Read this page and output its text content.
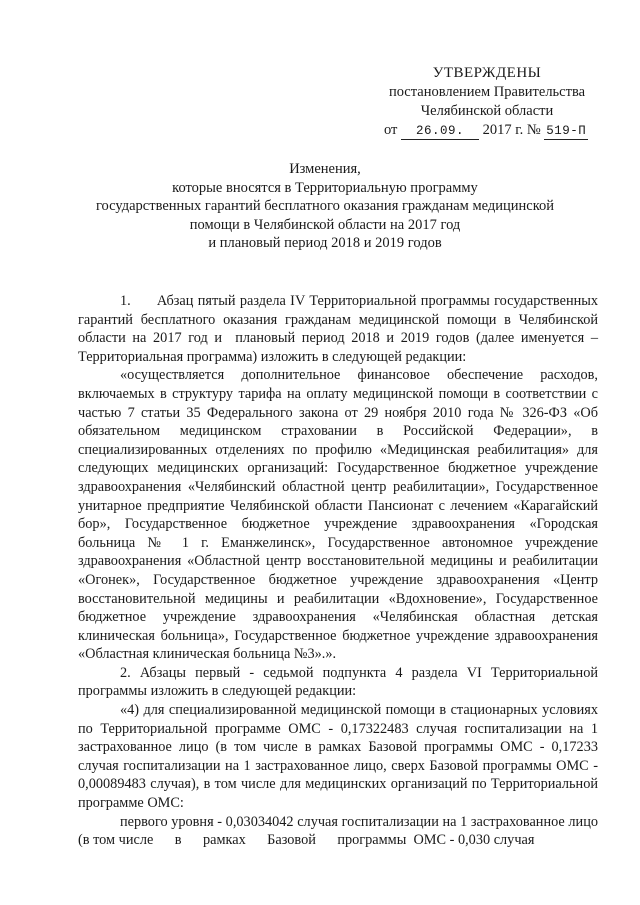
УТВЕРЖДЕНЫ
постановлением Правительства
Челябинской области
от 26.09. 2017 г. № 519-П
Изменения,
которые вносятся в Территориальную программу
государственных гарантий бесплатного оказания гражданам медицинской
помощи в Челябинской области на 2017 год
и плановый период 2018 и 2019 годов

1.      Абзац пятый раздела IV Территориальной программы государственных гарантий бесплатного оказания гражданам медицинской помощи в Челябинской области на 2017 год и  плановый период 2018 и 2019 годов (далее именуется – Территориальная программа) изложить в следующей редакции:

«осуществляется дополнительное финансовое обеспечение расходов, включаемых в структуру тарифа на оплату медицинской помощи в соответствии с частью 7 статьи 35 Федерального закона от 29 ноября 2010 года № 326-ФЗ «Об обязательном медицинском страховании в Российской Федерации», в специализированных отделениях по профилю «Медицинская реабилитация» для следующих медицинских организаций: Государственное бюджетное учреждение здравоохранения «Челябинский областной центр реабилитации», Государственное унитарное предприятие Челябинской области Пансионат с лечением «Карагайский бор», Государственное бюджетное учреждение здравоохранения «Городская больница № 1 г. Еманжелинск», Государственное автономное учреждение здравоохранения «Областной центр восстановительной медицины и реабилитации «Огонек», Государственное бюджетное учреждение здравоохранения «Центр восстановительной медицины и реабилитации «Вдохновение», Государственное бюджетное учреждение здравоохранения «Челябинская областная детская клиническая больница», Государственное бюджетное учреждение здравоохранения «Областная клиническая больница №3».».

2. Абзацы первый - седьмой подпункта 4 раздела VI Территориальной программы изложить в следующей редакции:

«4) для специализированной медицинской помощи в стационарных условиях по Территориальной программе ОМС - 0,17322483 случая госпитализации на 1 застрахованное лицо (в том числе в рамках Базовой программы ОМС - 0,17233 случая госпитализации на 1 застрахованное лицо, сверх Базовой программы ОМС - 0,00089483 случая), в том числе для медицинских организаций по Территориальной программе ОМС:

первого уровня - 0,03034042 случая госпитализации на 1 застрахованное лицо (в том числе      в      рамках      Базовой      программы  ОМС - 0,030 случая
